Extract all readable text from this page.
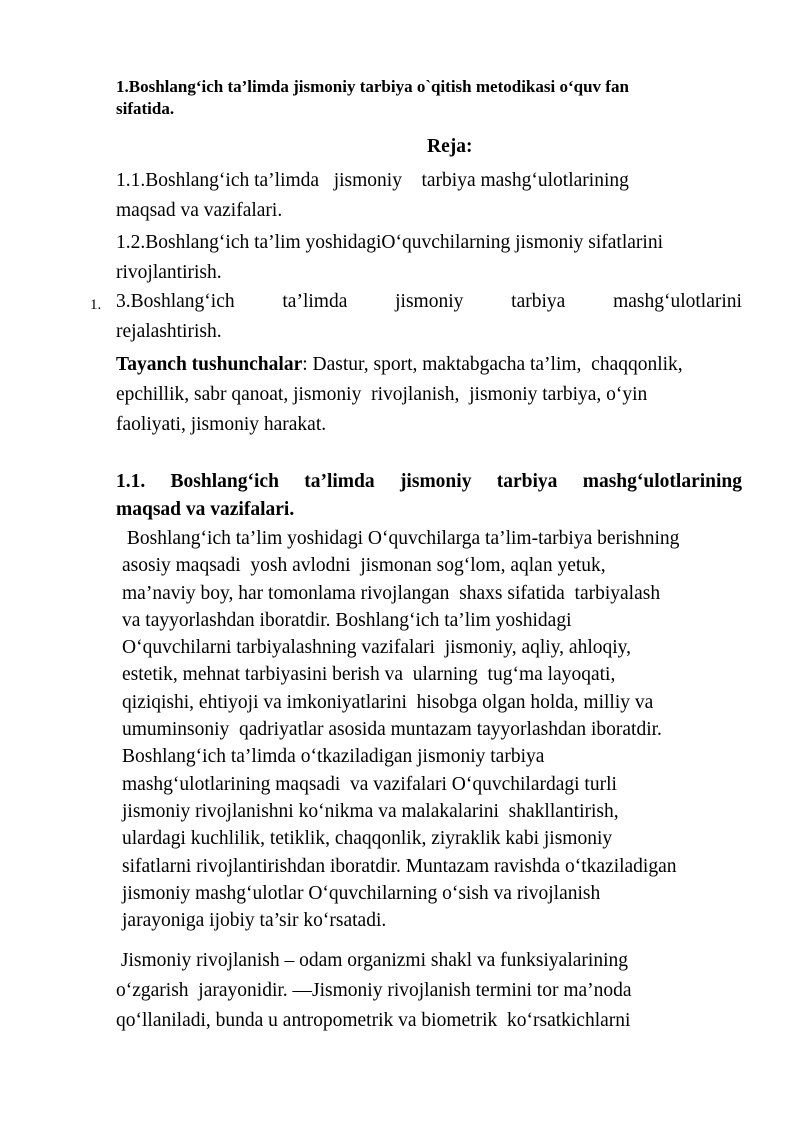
1.Boshlang‘ich ta’limda jismoniy tarbiya o`qitish metodikasi o‘quv fan
sifatida.
Reja:
1.1.Boshlang‘ich ta’limda   jismoniy    tarbiya mashg‘ulotlarining
maqsad va vazifalari.
1.2.Boshlang‘ich ta’lim yoshidagiO‘quvchilarning jismoniy sifatlarini
rivojlantirish.
1. 3.Boshlang‘ich ta’limda jismoniy tarbiya mashg‘ulotlarini
rejalashtirish.
Tayanch tushunchalar: Dastur, sport, maktabgacha ta’lim,  chaqqonlik,
epchillik, sabr qanoat, jismoniy  rivojlanish,  jismoniy tarbiya, o‘yin
faoliyati, jismoniy harakat.
1.1. Boshlang‘ich ta’limda jismoniy tarbiya mashg‘ulotlarining
maqsad va vazifalari.
Boshlang‘ich ta’lim yoshidagi O‘quvchilarga ta’lim-tarbiya berishning
asosiy maqsadi  yosh avlodni  jismonan sog‘lom, aqlan yetuk,
ma’naviy boy, har tomonlama rivojlangan  shaxs sifatida  tarbiyalash
va tayyorlashdan iboratdir. Boshlang‘ich ta’lim yoshidagi
O‘quvchilarni tarbiyalashning vazifalari  jismoniy, aqliy, ahloqiy,
estetik, mehnat tarbiyasini berish va  ularning  tug‘ma layoqati,
qiziqishi, ehtiyoji va imkoniyatlarini  hisobga olgan holda, milliy va
umuminsoniy  qadriyatlar asosida muntazam tayyorlashdan iboratdir.
Boshlang‘ich ta’limda o‘tkaziladigan jismoniy tarbiya
mashg‘ulotlarining maqsadi  va vazifalari O‘quvchilardagi turli
jismoniy rivojlanishni ko‘nikma va malakalarini  shakllantirish,
ulardagi kuchlilik, tetiklik, chaqqonlik, ziyraklik kabi jismoniy
sifatlarni rivojlantirishdan iboratdir. Muntazam ravishda o‘tkaziladigan
jismoniy mashg‘ulotlar O‘quvchilarning o‘sish va rivojlanish
jarayoniga ijobiy ta’sir ko‘rsatadi.
Jismoniy rivojlanish – odam organizmi shakl va funksiyalarining
o‘zgarish  jarayonidir. ―Jismoniy rivojlanish termini tor ma’noda
qo‘llaniladi, bunda u antropometrik va biometrik  ko‘rsatkichlarni
